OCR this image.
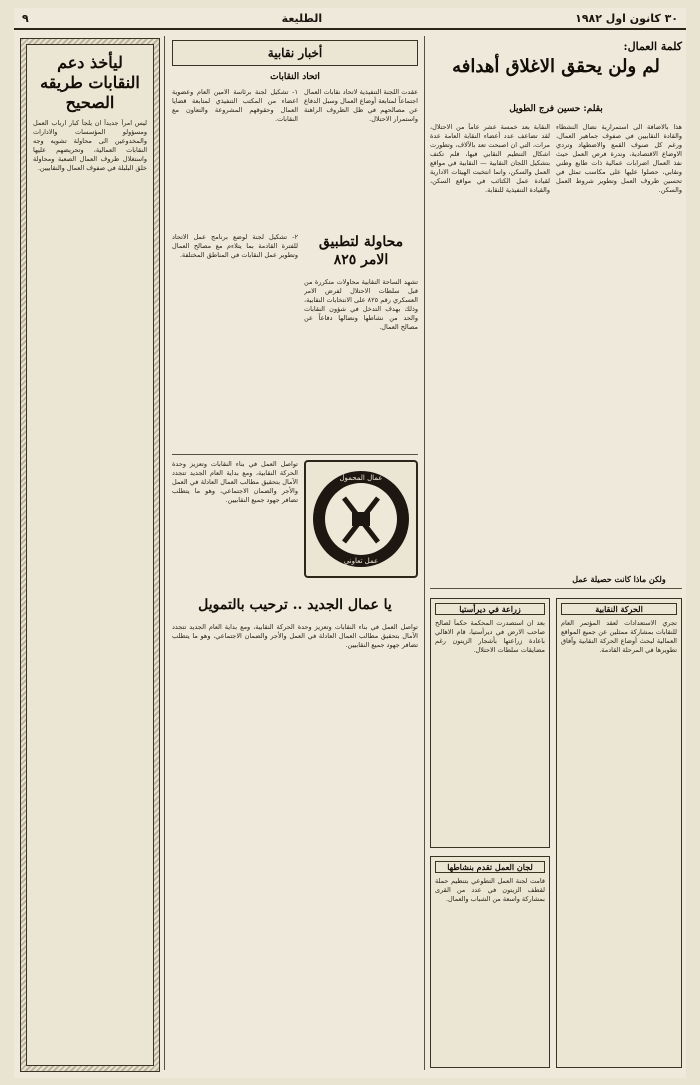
٣٠ كانون اول ١٩٨٢
الطليعة
٩
ليأخذ دعم النقابات طريقه الصحيح

ليس امراً جديداً ان يلجأ كبار ارباب العمل ومسؤولو المؤسسات والادارات والمخدوعين الى محاولة تشويه وجه النقابات العمالية، وتحريضهم عليها واستغلال ظروف العمال الصعبة ومحاولة خلق البلبلة في صفوف العمال والنقابيين.

أخبار نقابية
اتحاد النقابات

عقدت اللجنة التنفيذية لاتحاد نقابات العمال اجتماعاً لمتابعة أوضاع العمال وسبل الدفاع عن مصالحهم في ظل الظروف الراهنة واستمرار الاحتلال.

١- تشكيل لجنة برئاسة الامين العام وعضوية اعضاء من المكتب التنفيذي لمتابعة قضايا العمال وحقوقهم المشروعة والتعاون مع النقابات.

محاولة لتطبيق الامر ٨٢٥

تشهد الساحة النقابية محاولات متكررة من قبل سلطات الاحتلال لفرض الامر العسكري رقم ٨٢٥ على الانتخابات النقابية، وذلك بهدف التدخل في شؤون النقابات والحد من نشاطها ونضالها دفاعاً عن مصالح العمال.

٢- تشكيل لجنة لوضع برنامج عمل الاتحاد للفترة القادمة بما يتلاءم مع مصالح العمال وتطوير عمل النقابات في المناطق المختلفة.

عمال المحمول
عمل تعاوني

تواصل العمل في بناء النقابات وتعزيز وحدة الحركة النقابية، ومع بداية العام الجديد تتجدد الآمال بتحقيق مطالب العمال العادلة في العمل والأجر والضمان الاجتماعي، وهو ما يتطلب تضافر جهود جميع النقابيين.

يا عمال الجديد .. ترحيب بالتمويل

تواصل العمل في بناء النقابات وتعزيز وحدة الحركة النقابية، ومع بداية العام الجديد تتجدد الآمال بتحقيق مطالب العمال العادلة في العمل والأجر والضمان الاجتماعي، وهو ما يتطلب تضافر جهود جميع النقابيين.

كلمة العمال:
لم ولن يحقق الاغلاق أهدافه
بقلم: حسين فرج الطويل

هذا بالاضافة الى استمرارية نضال النشطاء والقادة النقابيين في صفوف جماهير العمال، ورغم كل صنوف القمع والاضطهاد وتردي الاوضاع الاقتصادية، وندرة فرص العمل حيث نفذ العمال اضرابات عمالية ذات طابع وطني ونقابي، حصلوا عليها على مكاسب تمثل في تحسين ظروف العمل وتطوير شروط العمل والسكن.

النقابة بعد خمسة عشر عاماً من الاحتلال، لقد تضاعف عدد أعضاء النقابة العامة عدة مرات، التي ان اصبحت تعد بالآلاف، وتطورت اشكال التنظيم النقابي فيها، فلم تكتف بتشكيل اللجان النقابية — النقابية في مواقع العمل والسكن، وانما انتخبت الهيئات الادارية لقيادة عمل الكتائب في مواقع السكن، والقيادة التنفيذية للنقابة.

ولكن ماذا كانت حصيلة عمل
زراعة في ديرأستيا
بعد ان استصدرت المحكمة حكماً لصالح صاحب الارض في ديرأستيا، قام الاهالي باعادة زراعتها بأشجار الزيتون رغم مضايقات سلطات الاحتلال.
الحركة النقابية
تجري الاستعدادات لعقد المؤتمر العام للنقابات بمشاركة ممثلين عن جميع المواقع العمالية لبحث أوضاع الحركة النقابية وآفاق تطويرها في المرحلة القادمة.
لجان العمل تقدم بنشاطها
قامت لجنة العمل التطوعي بتنظيم حملة لقطف الزيتون في عدد من القرى بمشاركة واسعة من الشباب والعمال.
